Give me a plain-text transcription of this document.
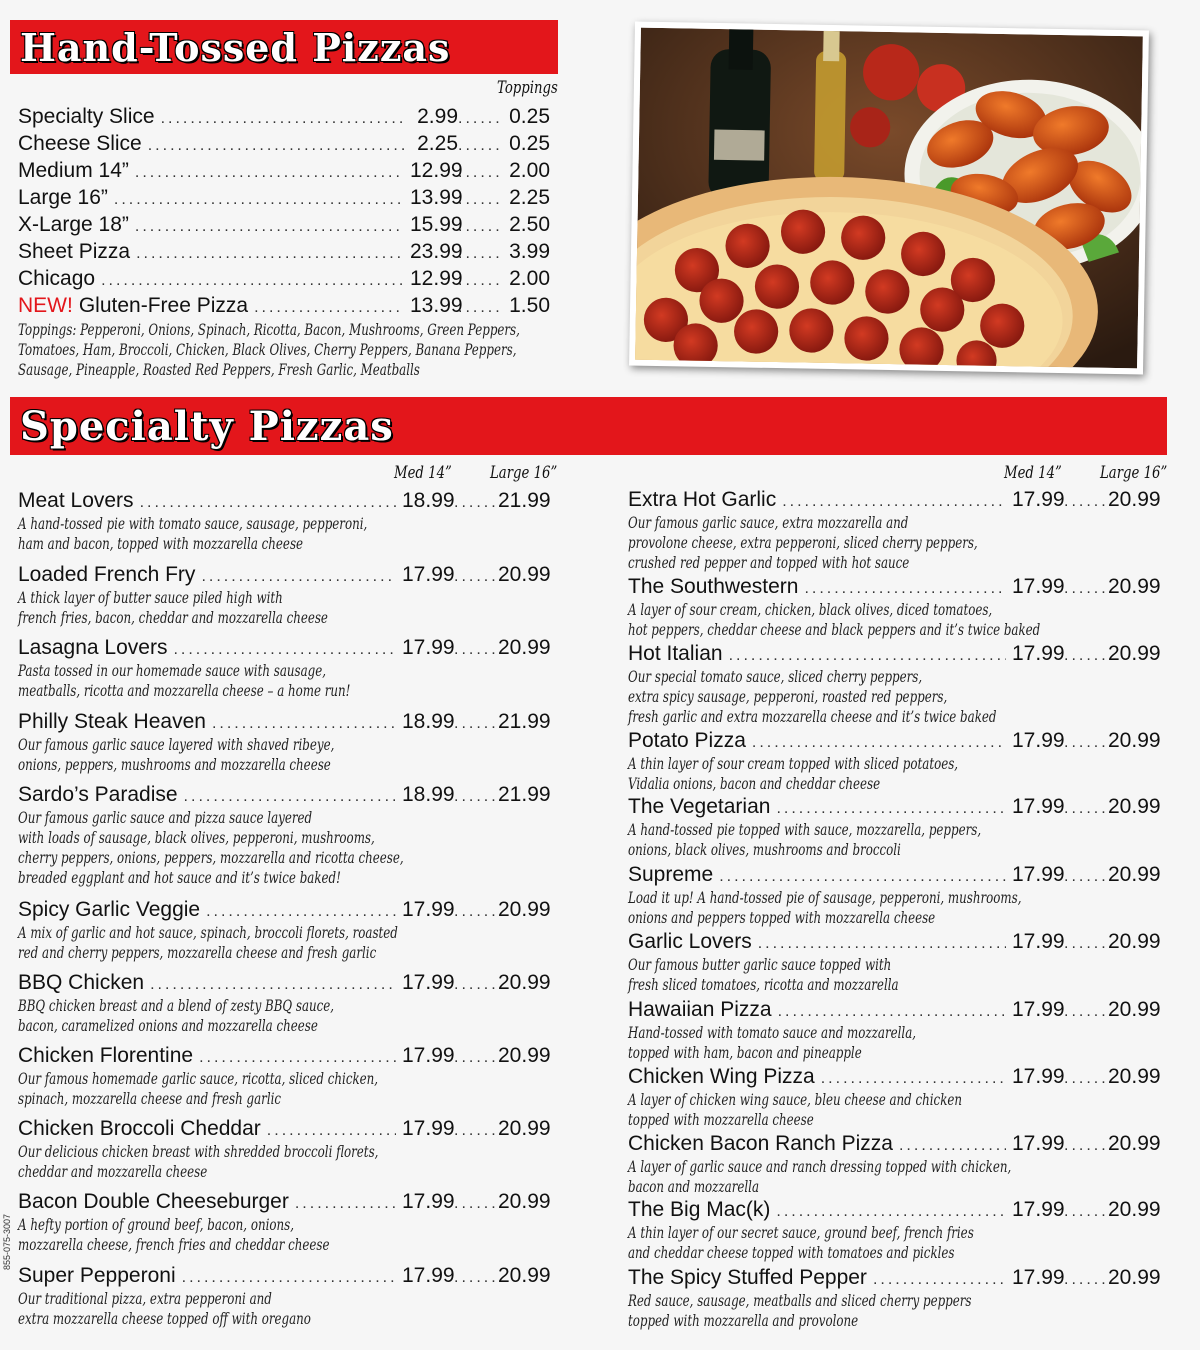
Hand-Tossed Pizzas
Toppings
Specialty Slice .....	2.99 ........	0.25
Cheese Slice .....	2.25 ........	0.25
Medium 14” .....	12.99 ........	2.00
Large 16” .....	13.99 ........	2.25
X-Large 18” .....	15.99 ........	2.50
Sheet Pizza .....	23.99 ........	3.99
Chicago .....	12.99 ........	2.00
NEW! Gluten-Free Pizza .....	13.99 ........	1.50
Toppings: Pepperoni, Onions, Spinach, Ricotta, Bacon, Mushrooms, Green Peppers,
Tomatoes, Ham, Broccoli, Chicken, Black Olives, Cherry Peppers, Banana Peppers,
Sausage, Pineapple, Roasted Red Peppers, Fresh Garlic, Meatballs
Specialty Pizzas
Med 14” Large 16”	Med 14” Large 16”
Meat Lovers .....	18.99 ........ 21.99
A hand-tossed pie with tomato sauce, sausage, pepperoni,
ham and bacon, topped with mozzarella cheese
Loaded French Fry .....	17.99 ........ 20.99
A thick layer of butter sauce piled high with
french fries, bacon, cheddar and mozzarella cheese
Lasagna Lovers .....	17.99 ........ 20.99
Pasta tossed in our homemade sauce with sausage,
meatballs, ricotta and mozzarella cheese – a home run!
Philly Steak Heaven .....	18.99 ........ 21.99
Our famous garlic sauce layered with shaved ribeye,
onions, peppers, mushrooms and mozzarella cheese
Sardo’s Paradise .....	18.99 ........ 21.99
Our famous garlic sauce and pizza sauce layered
with loads of sausage, black olives, pepperoni, mushrooms,
cherry peppers, onions, peppers, mozzarella and ricotta cheese,
breaded eggplant and hot sauce and it’s twice baked!
Spicy Garlic Veggie .....	17.99 ........ 20.99
A mix of garlic and hot sauce, spinach, broccoli florets, roasted
red and cherry peppers, mozzarella cheese and fresh garlic
BBQ Chicken .....	17.99 ........ 20.99
BBQ chicken breast and a blend of zesty BBQ sauce,
bacon, caramelized onions and mozzarella cheese
Chicken Florentine .....	17.99 ........ 20.99
Our famous homemade garlic sauce, ricotta, sliced chicken,
spinach, mozzarella cheese and fresh garlic
Chicken Broccoli Cheddar .....	17.99 ........ 20.99
Our delicious chicken breast with shredded broccoli florets,
cheddar and mozzarella cheese
Bacon Double Cheeseburger .....	17.99 ........ 20.99
A hefty portion of ground beef, bacon, onions,
mozzarella cheese, french fries and cheddar cheese
Super Pepperoni .....	17.99 ........ 20.99
Our traditional pizza, extra pepperoni and
extra mozzarella cheese topped off with oregano
Extra Hot Garlic .....	17.99 ........ 20.99
Our famous garlic sauce, extra mozzarella and
provolone cheese, extra pepperoni, sliced cherry peppers,
crushed red pepper and topped with hot sauce
The Southwestern .....	17.99 ........ 20.99
A layer of sour cream, chicken, black olives, diced tomatoes,
hot peppers, cheddar cheese and black peppers and it’s twice baked
Hot Italian .....	17.99 ........ 20.99
Our special tomato sauce, sliced cherry peppers,
extra spicy sausage, pepperoni, roasted red peppers,
fresh garlic and extra mozzarella cheese and it’s twice baked
Potato Pizza .....	17.99 ........ 20.99
A thin layer of sour cream topped with sliced potatoes,
Vidalia onions, bacon and cheddar cheese
The Vegetarian .....	17.99 ........ 20.99
A hand-tossed pie topped with sauce, mozzarella, peppers,
onions, black olives, mushrooms and broccoli
Supreme .....	17.99 ........ 20.99
Load it up! A hand-tossed pie of sausage, pepperoni, mushrooms,
onions and peppers topped with mozzarella cheese
Garlic Lovers .....	17.99 ........ 20.99
Our famous butter garlic sauce topped with
fresh sliced tomatoes, ricotta and mozzarella
Hawaiian Pizza .....	17.99 ........ 20.99
Hand-tossed with tomato sauce and mozzarella,
topped with ham, bacon and pineapple
Chicken Wing Pizza .....	17.99 ........ 20.99
A layer of chicken wing sauce, bleu cheese and chicken
topped with mozzarella cheese
Chicken Bacon Ranch Pizza .....	17.99 ........ 20.99
A layer of garlic sauce and ranch dressing topped with chicken,
bacon and mozzarella
The Big Mac(k) .....	17.99 ........ 20.99
A thin layer of our secret sauce, ground beef, french fries
and cheddar cheese topped with tomatoes and pickles
The Spicy Stuffed Pepper .....	17.99 ........ 20.99
Red sauce, sausage, meatballs and sliced cherry peppers
topped with mozzarella and provolone
855-075-3007
